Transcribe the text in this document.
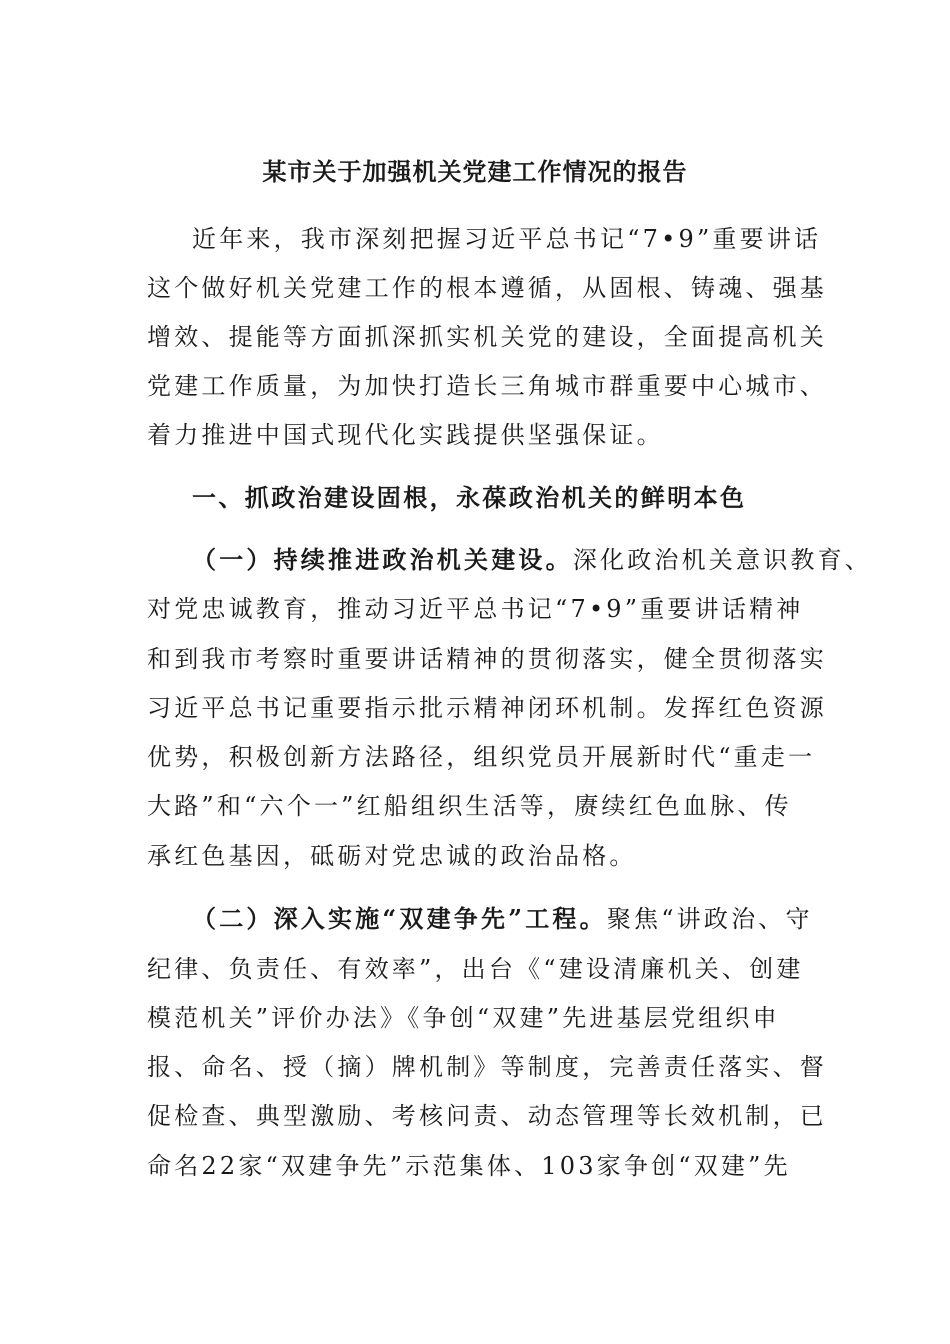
某市关于加强机关党建工作情况的报告
近年来，我市深刻把握习近平总书记“7•9”重要讲话
这个做好机关党建工作的根本遵循，从固根、铸魂、强基
增效、提能等方面抓深抓实机关党的建设，全面提高机关
党建工作质量，为加快打造长三角城市群重要中心城市、
着力推进中国式现代化实践提供坚强保证。
一、抓政治建设固根，永葆政治机关的鲜明本色
（一）持续推进政治机关建设。深化政治机关意识教育、
对党忠诚教育，推动习近平总书记“7•9”重要讲话精神
和到我市考察时重要讲话精神的贯彻落实，健全贯彻落实
习近平总书记重要指示批示精神闭环机制。发挥红色资源
优势，积极创新方法路径，组织党员开展新时代“重走一
大路”和“六个一”红船组织生活等，赓续红色血脉、传
承红色基因，砥砺对党忠诚的政治品格。
（二）深入实施“双建争先”工程。聚焦“讲政治、守
纪律、负责任、有效率”，出台《“建设清廉机关、创建
模范机关”评价办法》《争创“双建”先进基层党组织申
报、命名、授（摘）牌机制》等制度，完善责任落实、督
促检查、典型激励、考核问责、动态管理等长效机制，已
命名22家“双建争先”示范集体、103家争创“双建”先
